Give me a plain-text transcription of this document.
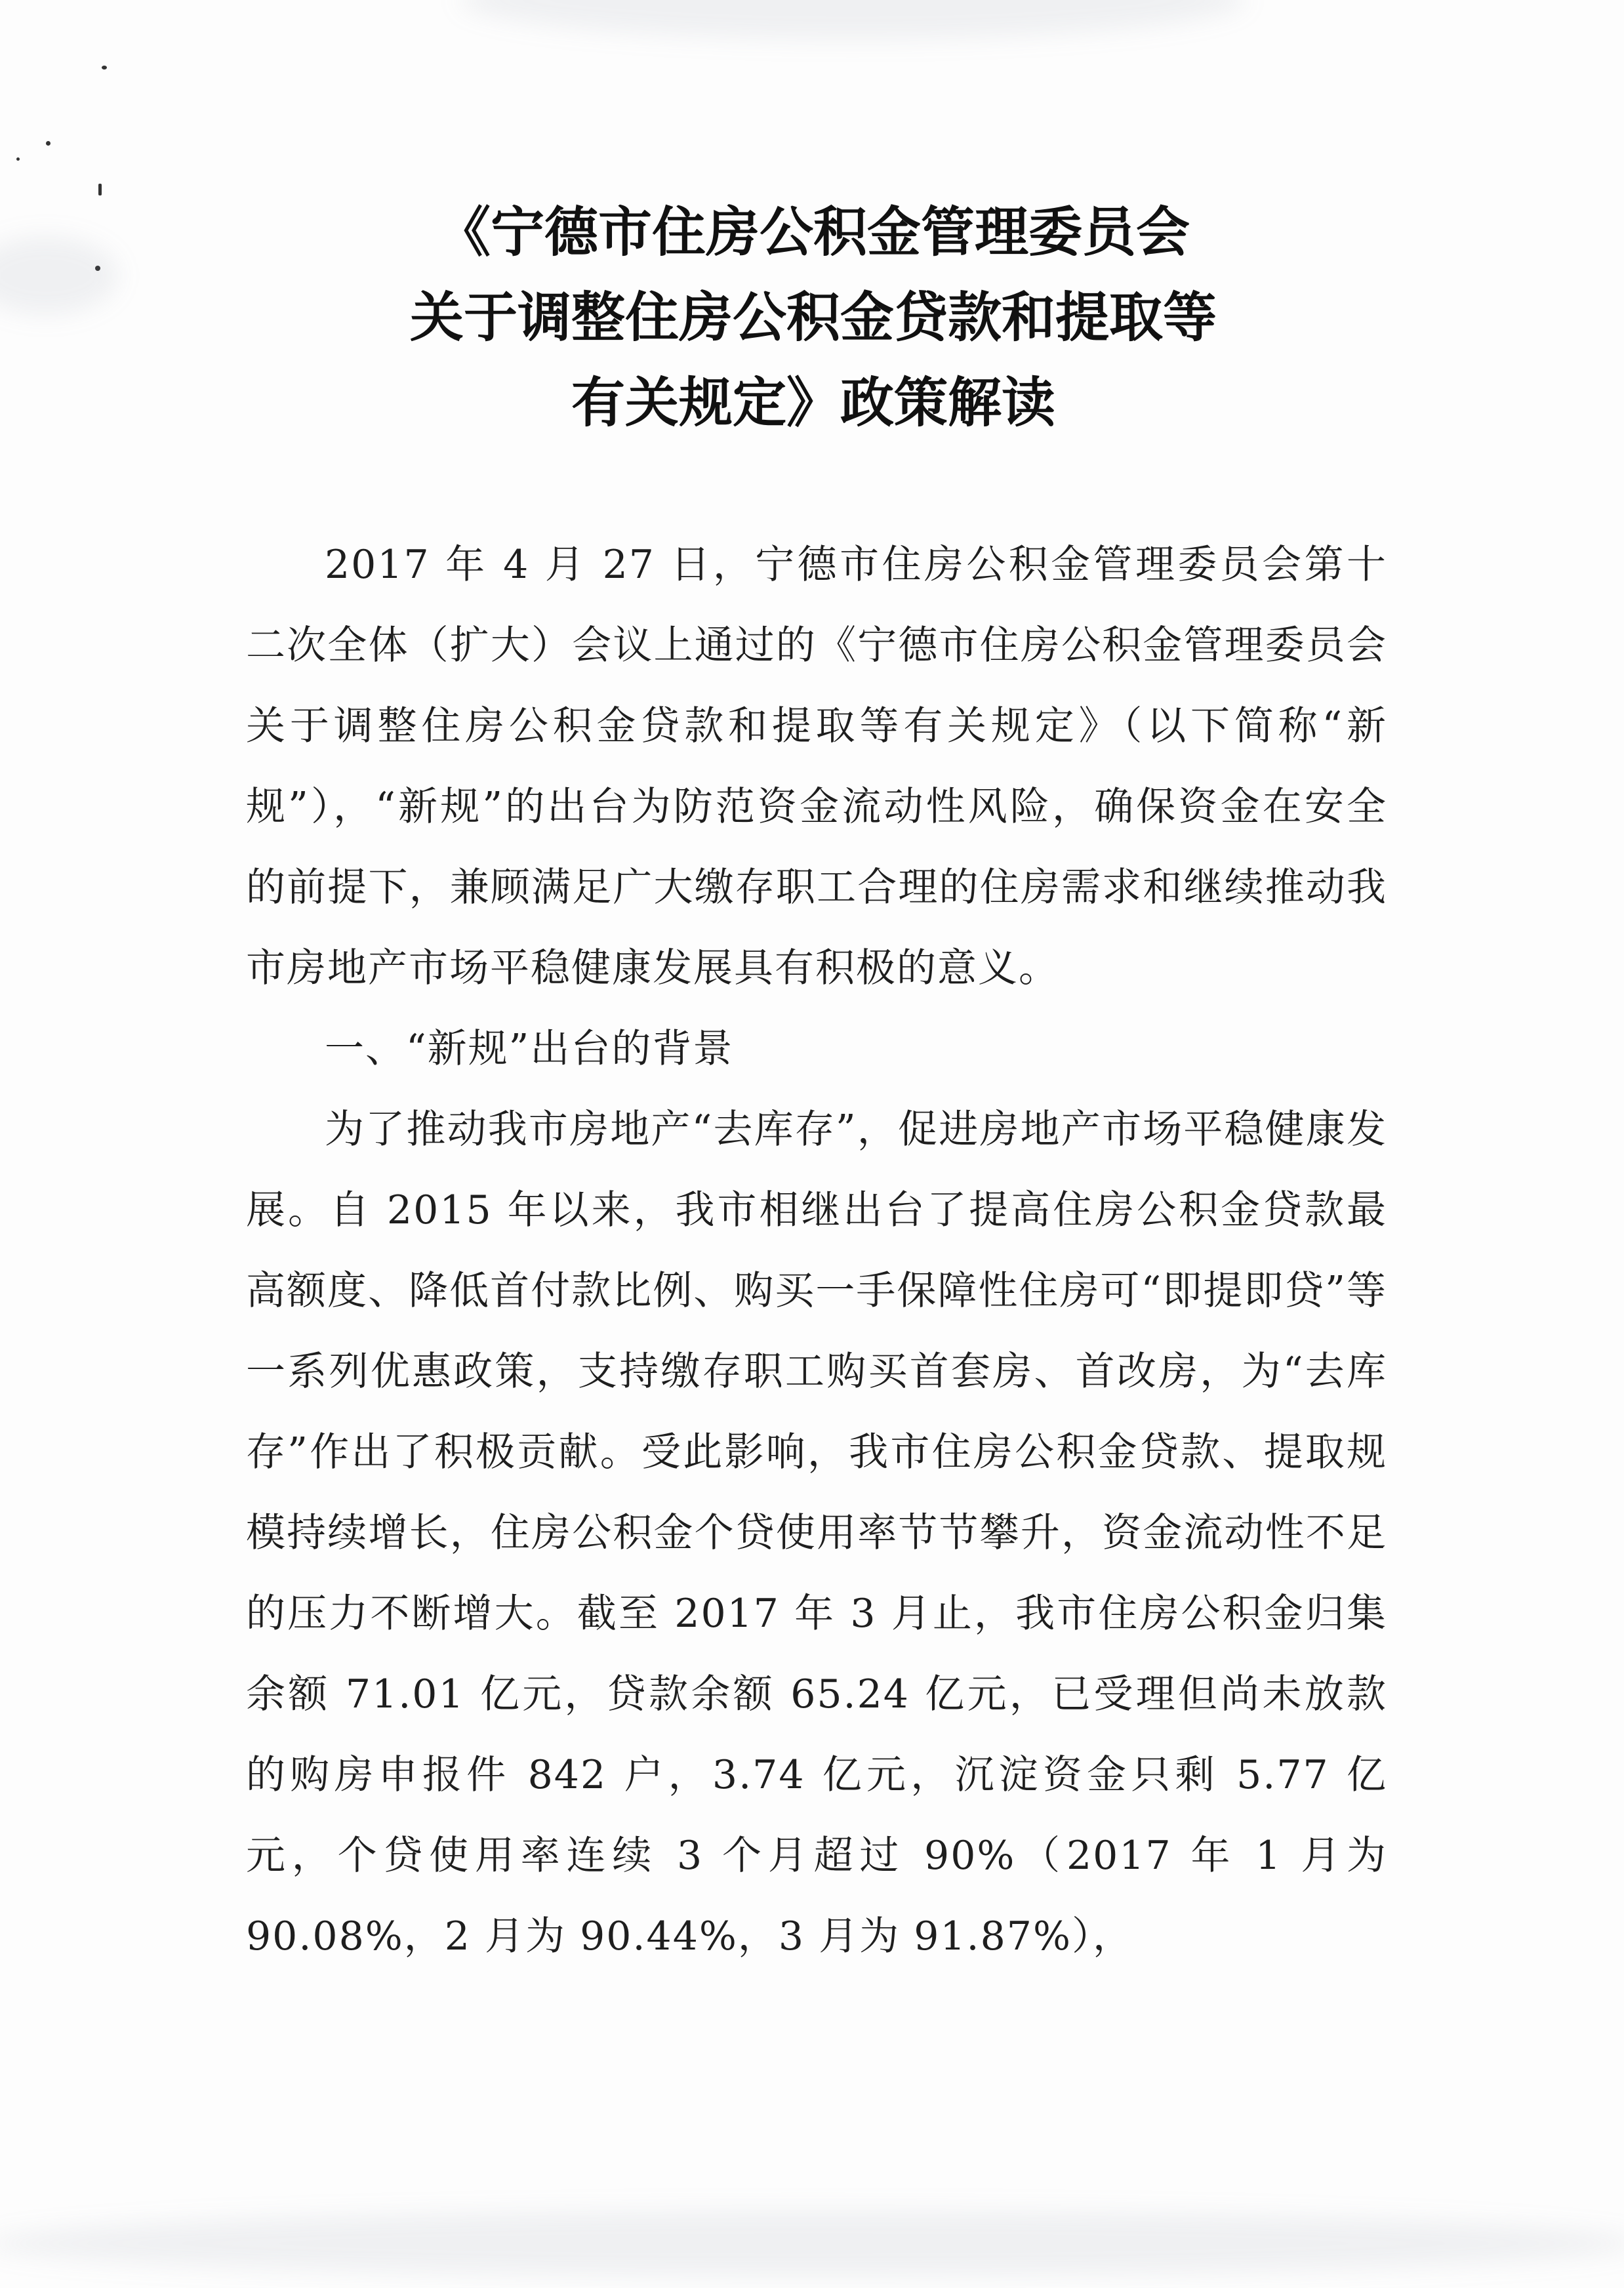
《宁德市住房公积金管理委员会
关于调整住房公积金贷款和提取等
有关规定》政策解读

2017 年 4 月 27 日，宁德市住房公积金管理委员会第十二次全体（扩大）会议上通过的《宁德市住房公积金管理委员会关于调整住房公积金贷款和提取等有关规定》（以下简称“新规”），“新规”的出台为防范资金流动性风险，确保资金在安全的前提下，兼顾满足广大缴存职工合理的住房需求和继续推动我市房地产市场平稳健康发展具有积极的意义。

一、“新规”出台的背景

为了推动我市房地产“去库存”，促进房地产市场平稳健康发展。自 2015 年以来，我市相继出台了提高住房公积金贷款最高额度、降低首付款比例、购买一手保障性住房可“即提即贷”等一系列优惠政策，支持缴存职工购买首套房、首改房，为“去库存”作出了积极贡献。受此影响，我市住房公积金贷款、提取规模持续增长，住房公积金个贷使用率节节攀升，资金流动性不足的压力不断增大。截至 2017 年 3 月止，我市住房公积金归集余额 71.01 亿元，贷款余额 65.24 亿元，已受理但尚未放款的购房申报件 842 户，3.74 亿元，沉淀资金只剩 5.77 亿元，个贷使用率连续 3 个月超过 90%（2017 年 1 月为 90.08%，2 月为 90.44%，3 月为 91.87%），
